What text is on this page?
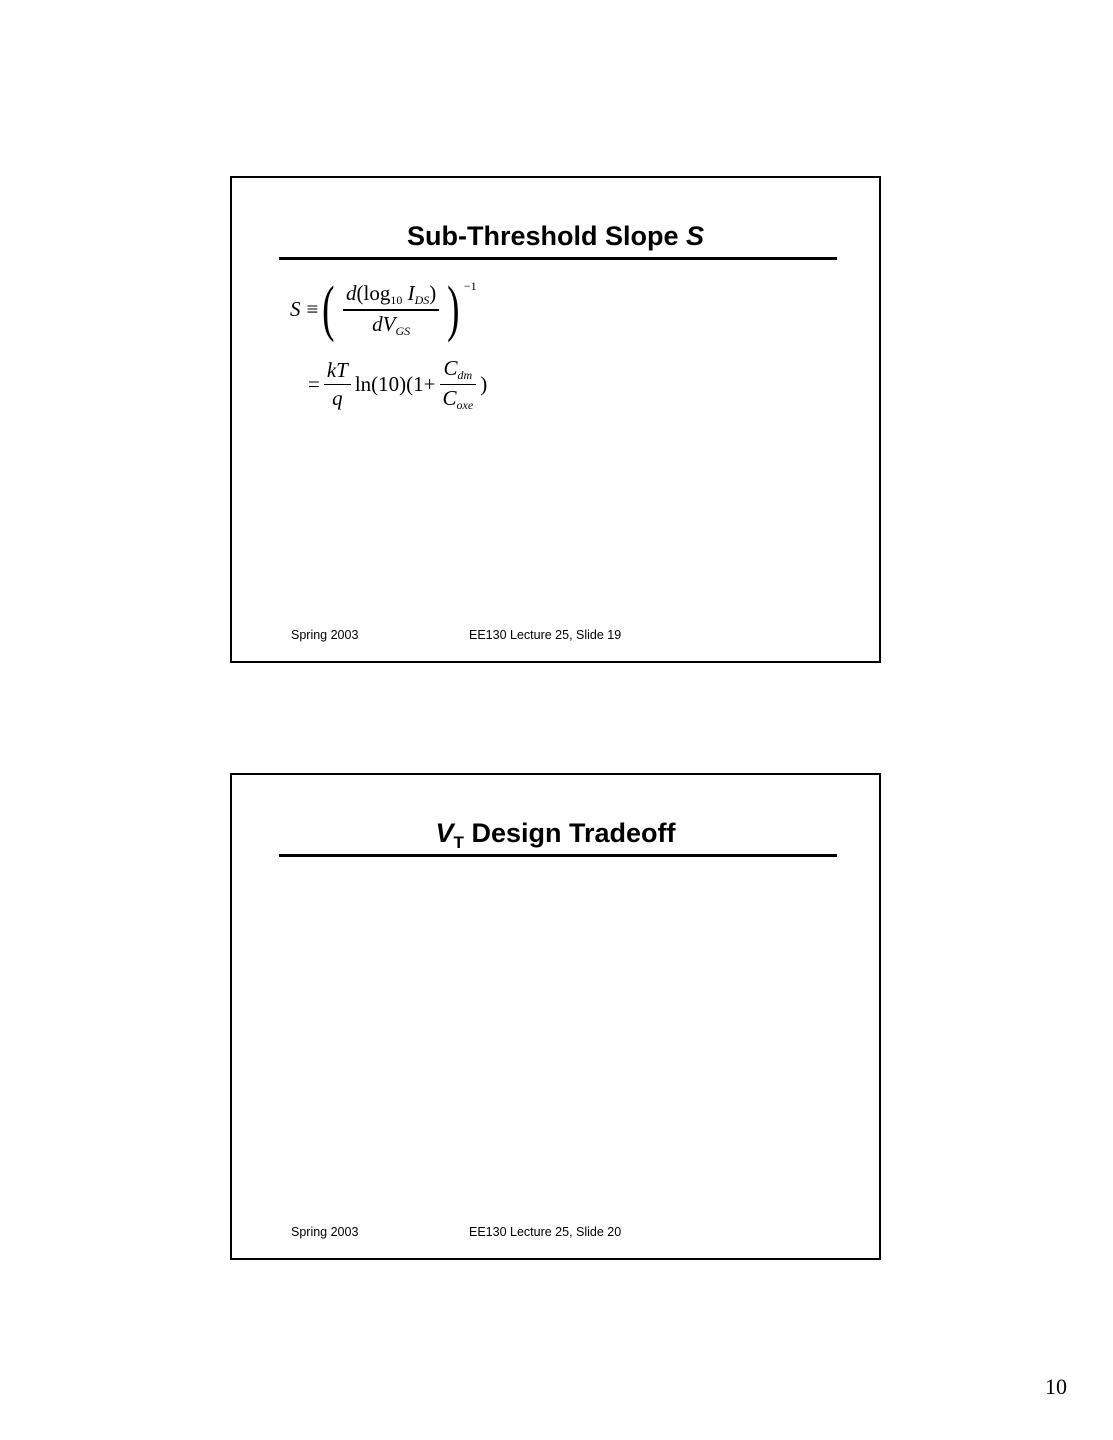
Sub-Threshold Slope S
S ≡ ( $\frac{d(\log_{10} I_{DS})}{dV_{GS}}$ ) −1
= $\frac{kT}{q} \ln(10)(1+ \frac{C_{dm}}{C_{oxe}}$ )
Spring 2003	EE130 Lecture 25, Slide 19
$V_T$ Design Tradeoff
Spring 2003	EE130 Lecture 25, Slide 20
10
